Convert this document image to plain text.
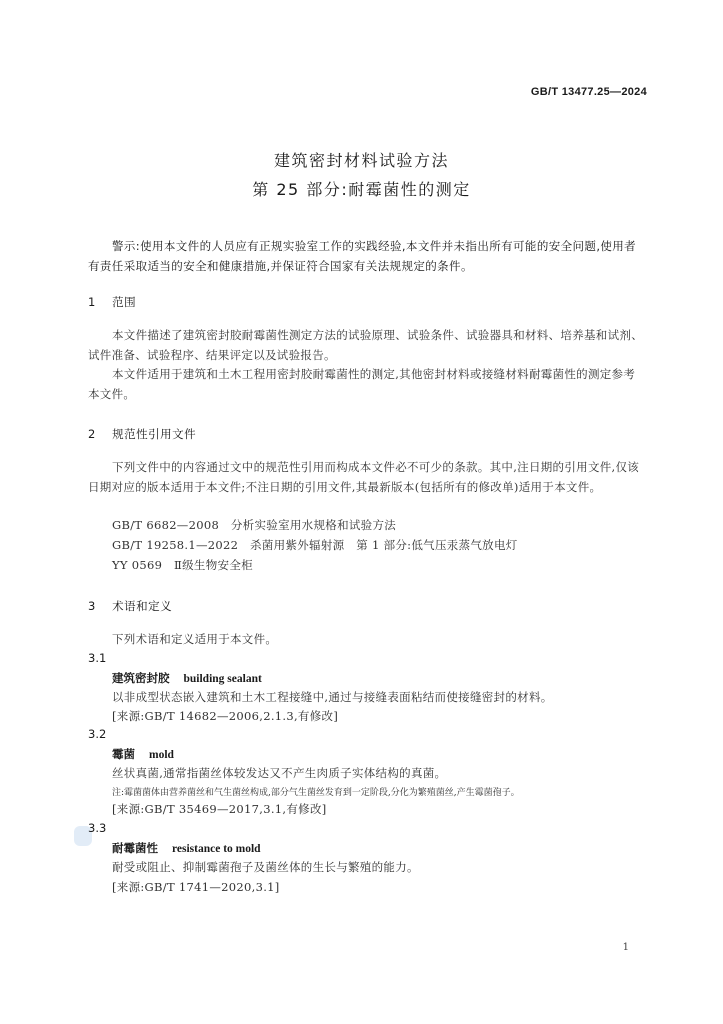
GB/T 13477.25—2024
建筑密封材料试验方法
第 25 部分:耐霉菌性的测定
警示:使用本文件的人员应有正规实验室工作的实践经验,本文件并未指出所有可能的安全问题,使用者有责任采取适当的安全和健康措施,并保证符合国家有关法规规定的条件。
1 范围
本文件描述了建筑密封胶耐霉菌性测定方法的试验原理、试验条件、试验器具和材料、培养基和试剂、试件准备、试验程序、结果评定以及试验报告。
本文件适用于建筑和土木工程用密封胶耐霉菌性的测定,其他密封材料或接缝材料耐霉菌性的测定参考本文件。
2 规范性引用文件
下列文件中的内容通过文中的规范性引用而构成本文件必不可少的条款。其中,注日期的引用文件,仅该日期对应的版本适用于本文件;不注日期的引用文件,其最新版本(包括所有的修改单)适用于本文件。
GB/T 6682—2008　分析实验室用水规格和试验方法
GB/T 19258.1—2022　杀菌用紫外辐射源　第 1 部分:低气压汞蒸气放电灯
YY 0569　Ⅱ级生物安全柜
3 术语和定义
下列术语和定义适用于本文件。
3.1
建筑密封胶 building sealant
以非成型状态嵌入建筑和土木工程接缝中,通过与接缝表面粘结而使接缝密封的材料。
[来源:GB/T 14682—2006,2.1.3,有修改]
3.2
霉菌 mold
丝状真菌,通常指菌丝体较发达又不产生肉质子实体结构的真菌。
注:霉菌菌体由营养菌丝和气生菌丝构成,部分气生菌丝发育到一定阶段,分化为繁殖菌丝,产生霉菌孢子。
[来源:GB/T 35469—2017,3.1,有修改]
3.3
耐霉菌性 resistance to mold
耐受或阻止、抑制霉菌孢子及菌丝体的生长与繁殖的能力。
[来源:GB/T 1741—2020,3.1]
1
